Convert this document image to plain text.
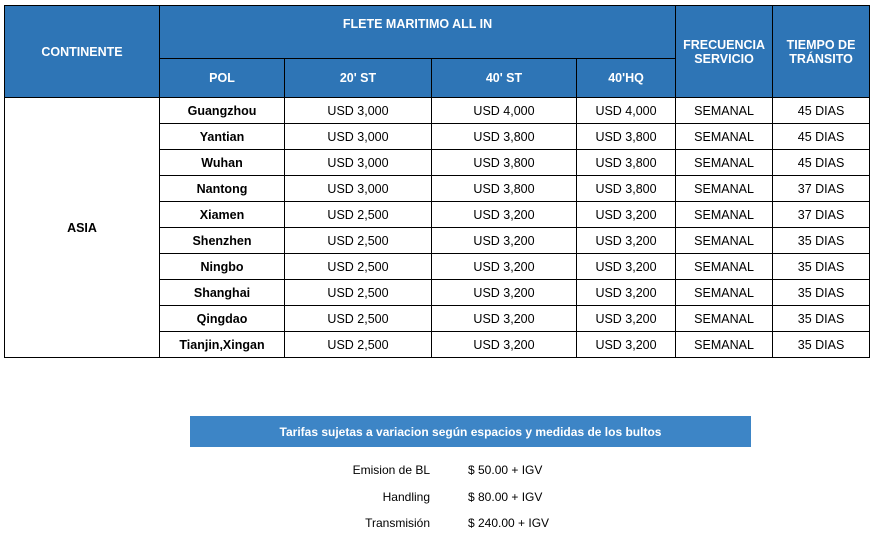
CONTINENTE	FLETE MARITIMO ALL IN				FRECUENCIA SERVICIO	TIEMPO DE TRÁNSITO
	POL	20' ST	40' ST	40'HQ		
ASIA	Guangzhou	USD 3,000	USD 4,000	USD 4,000	SEMANAL	45 DIAS
	Yantian	USD 3,000	USD 3,800	USD 3,800	SEMANAL	45 DIAS
	Wuhan	USD 3,000	USD 3,800	USD 3,800	SEMANAL	45 DIAS
	Nantong	USD 3,000	USD 3,800	USD 3,800	SEMANAL	37 DIAS
	Xiamen	USD 2,500	USD 3,200	USD 3,200	SEMANAL	37 DIAS
	Shenzhen	USD 2,500	USD 3,200	USD 3,200	SEMANAL	35 DIAS
	Ningbo	USD 2,500	USD 3,200	USD 3,200	SEMANAL	35 DIAS
	Shanghai	USD 2,500	USD 3,200	USD 3,200	SEMANAL	35 DIAS
	Qingdao	USD 2,500	USD 3,200	USD 3,200	SEMANAL	35 DIAS
	Tianjin,Xingan	USD 2,500	USD 3,200	USD 3,200	SEMANAL	35 DIAS
Tarifas sujetas a variacion según espacios y medidas de los bultos
Emision de BL	$ 50.00 + IGV
Handling	$ 80.00 + IGV
Transmisión	$ 240.00 + IGV
